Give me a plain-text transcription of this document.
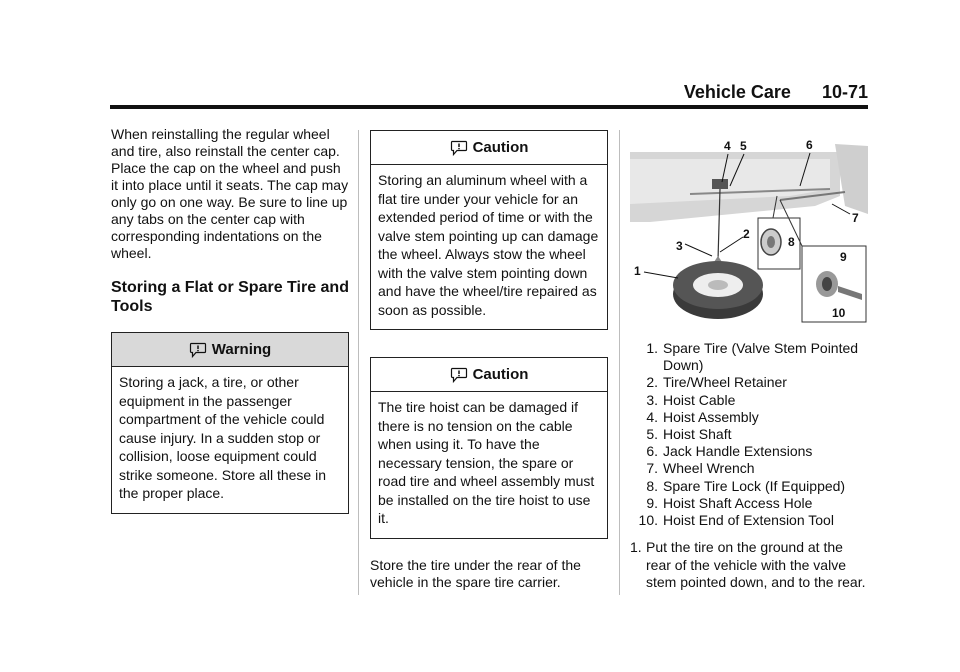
Vehicle Care 10-71

When reinstalling the regular wheel and tire, also reinstall the center cap. Place the cap on the wheel and push it into place until it seats. The cap may only go on one way. Be sure to line up any tabs on the center cap with corresponding indentations on the wheel.

Storing a Flat or Spare Tire and Tools
Warning
Storing a jack, a tire, or other equipment in the passenger compartment of the vehicle could cause injury. In a sudden stop or collision, loose equipment could strike someone. Store all these in the proper place.
Caution
Storing an aluminum wheel with a flat tire under your vehicle for an extended period of time or with the valve stem pointing up can damage the wheel. Always stow the wheel with the valve stem pointing down and have the wheel/tire repaired as soon as possible.
Caution
The tire hoist can be damaged if there is no tension on the cable when using it. To have the necessary tension, the spare or road tire and wheel assembly must be installed on the tire hoist to use it.

Store the tire under the rear of the vehicle in the spare tire carrier.

1
2
3
4 5	6
7
8
9
10
1. Spare Tire (Valve Stem Pointed Down)
2. Tire/Wheel Retainer
3. Hoist Cable
4. Hoist Assembly
5. Hoist Shaft
6. Jack Handle Extensions
7. Wheel Wrench
8. Spare Tire Lock (If Equipped)
9. Hoist Shaft Access Hole
10. Hoist End of Extension Tool
1. Put the tire on the ground at the rear of the vehicle with the valve stem pointed down, and to the rear.
